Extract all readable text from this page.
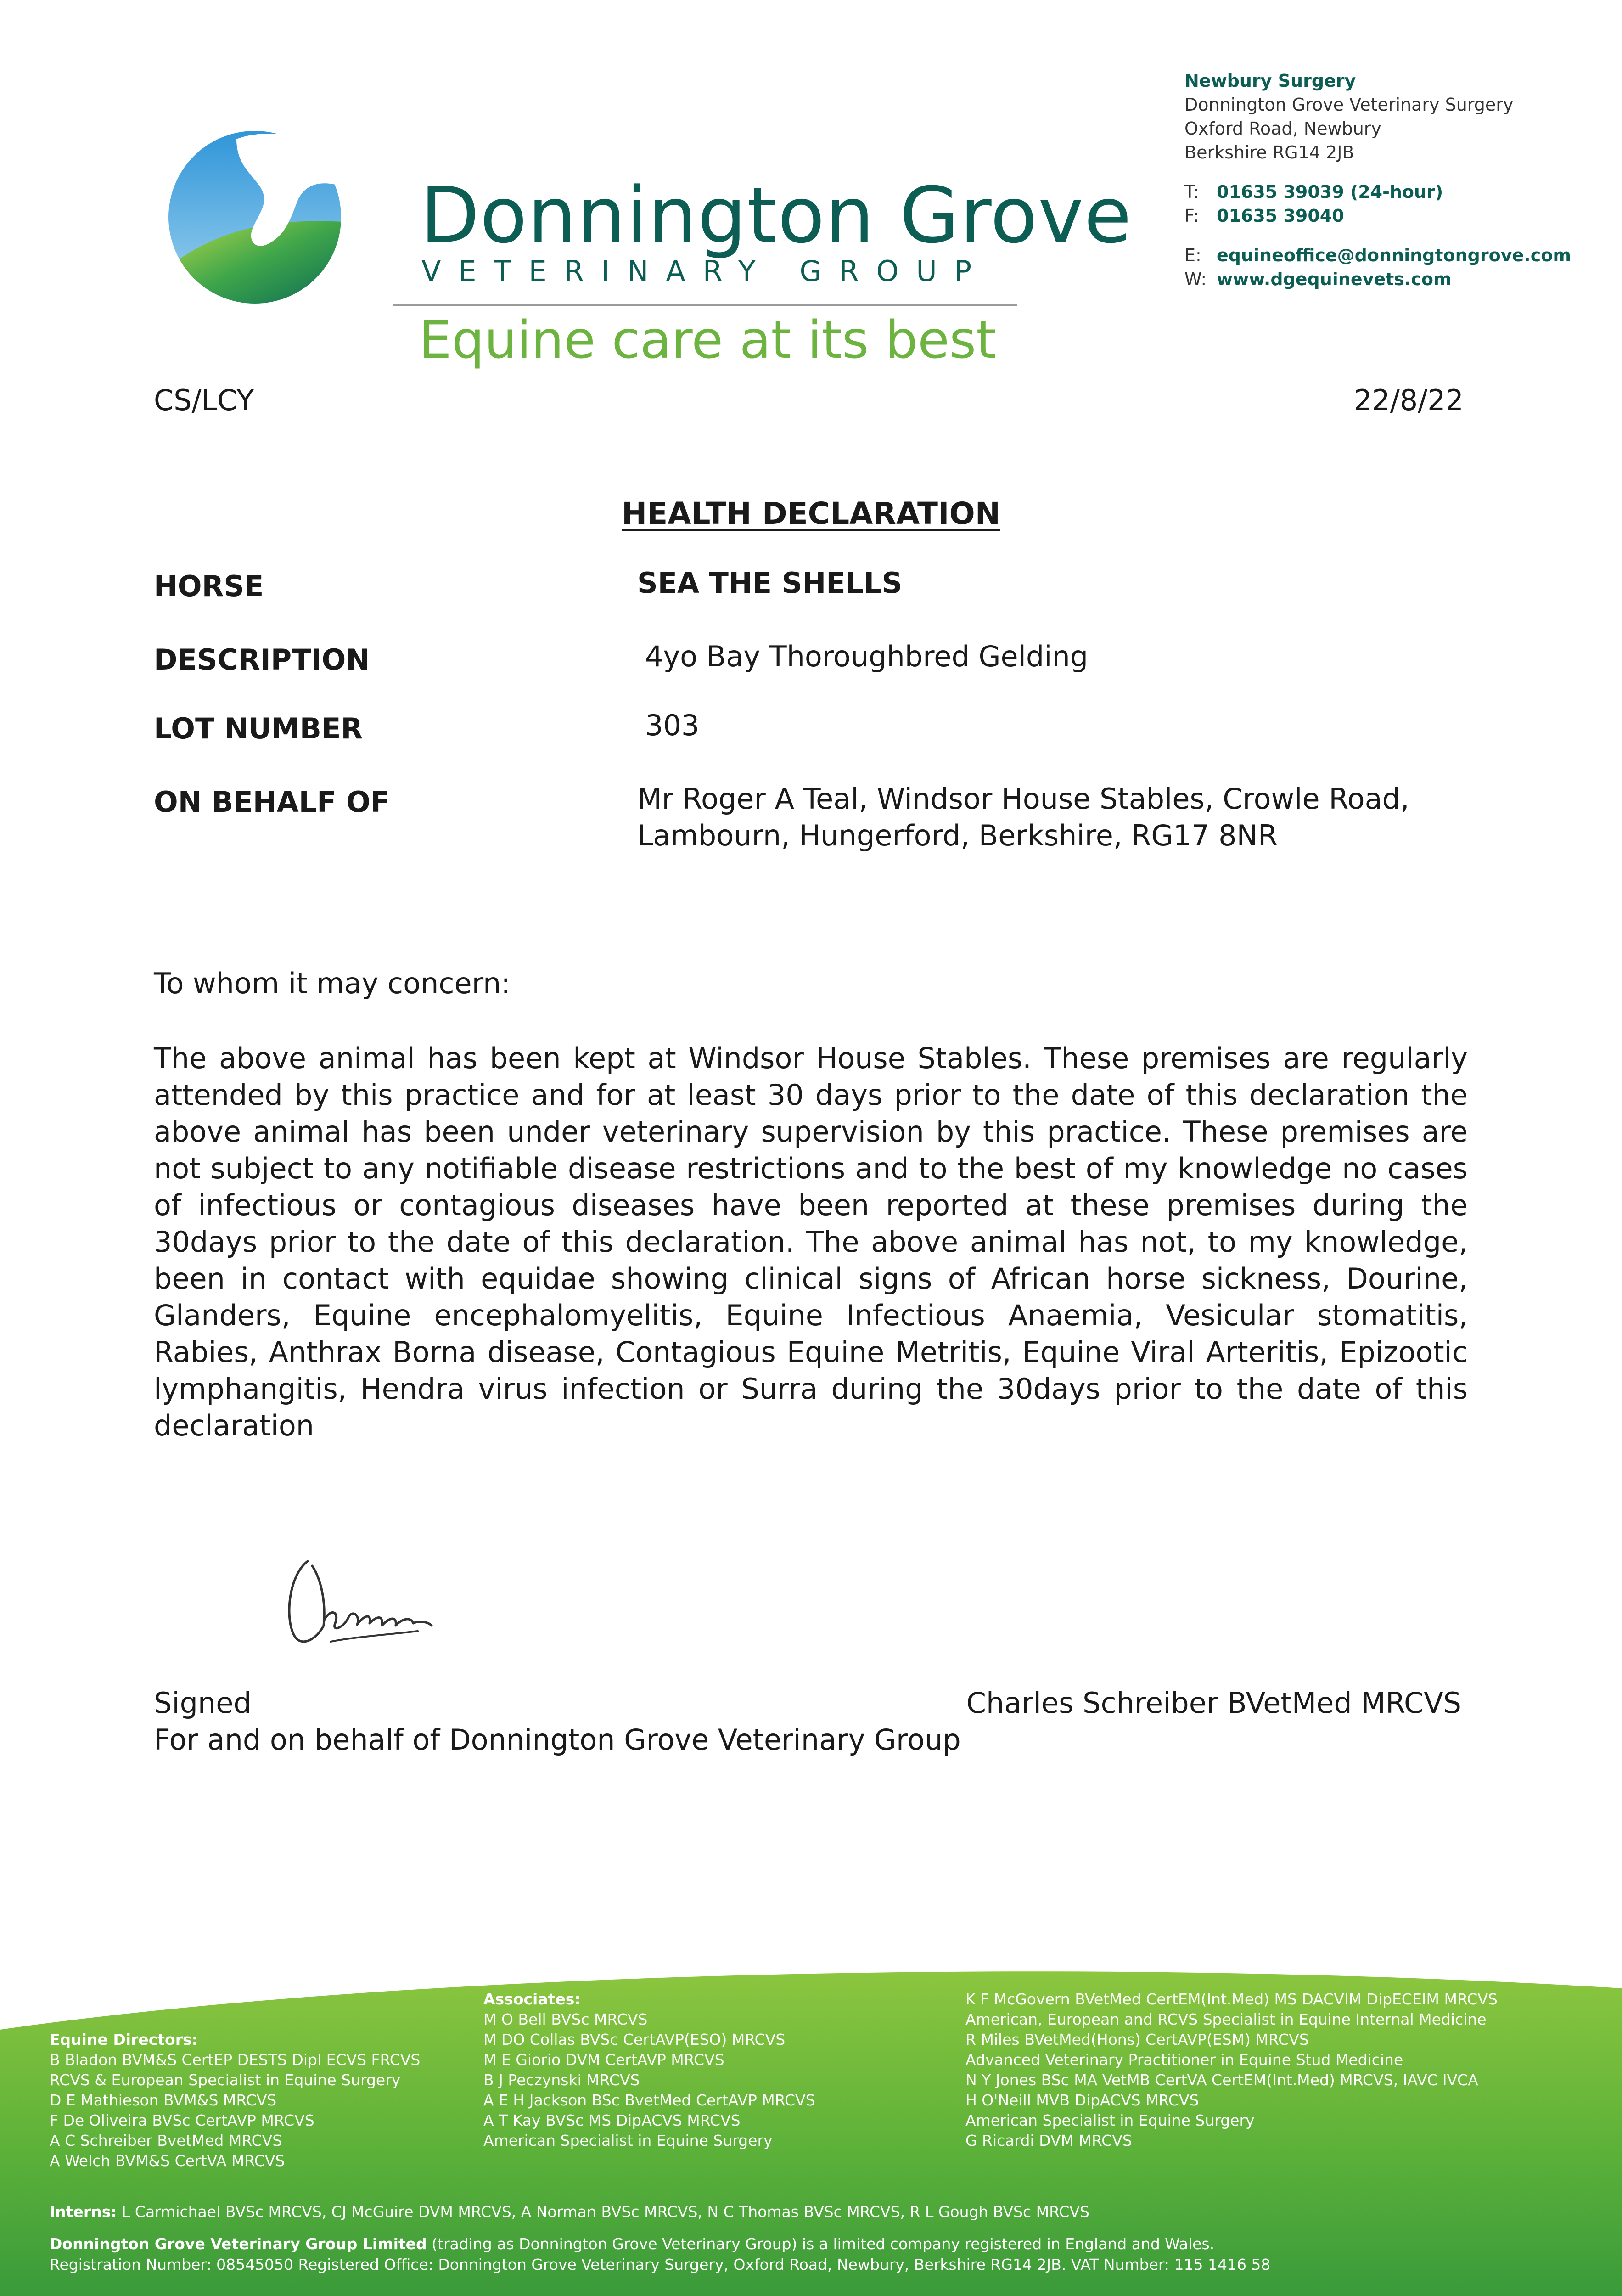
Donnington Grove
VETERINARY GROUP
Equine care at its best
Newbury Surgery
Donnington Grove Veterinary Surgery
Oxford Road, Newbury
Berkshire RG14 2JB
T: 01635 39039 (24-hour)
F: 01635 39040
E: equineoffice@donningtongrove.com
W: www.dgequinevets.com
CS/LCY	22/8/22
HEALTH DECLARATION
HORSE	SEA THE SHELLS
DESCRIPTION	4yo Bay Thoroughbred Gelding
LOT NUMBER	303
ON BEHALF OF	Mr Roger A Teal, Windsor House Stables, Crowle Road, Lambourn, Hungerford, Berkshire, RG17 8NR
To whom it may concern:
The above animal has been kept at Windsor House Stables. These premises are regularly attended by this practice and for at least 30 days prior to the date of this declaration the above animal has been under veterinary supervision by this practice. These premises are not subject to any notifiable disease restrictions and to the best of my knowledge no cases of infectious or contagious diseases have been reported at these premises during the 30days prior to the date of this declaration. The above animal has not, to my knowledge, been in contact with equidae showing clinical signs of African horse sickness, Dourine, Glanders, Equine encephalomyelitis, Equine Infectious Anaemia, Vesicular stomatitis, Rabies, Anthrax Borna disease, Contagious Equine Metritis, Equine Viral Arteritis, Epizootic lymphangitis, Hendra virus infection or Surra during the 30days prior to the date of this declaration
Signed	Charles Schreiber BVetMed MRCVS
For and on behalf of Donnington Grove Veterinary Group
Equine Directors:
B Bladon BVM&S CertEP DESTS Dipl ECVS FRCVS
RCVS & European Specialist in Equine Surgery
D E Mathieson BVM&S MRCVS
F De Oliveira BVSc CertAVP MRCVS
A C Schreiber BvetMed MRCVS
A Welch BVM&S CertVA MRCVS
Associates:
M O Bell BVSc MRCVS
M DO Collas BVSc CertAVP(ESO) MRCVS
M E Giorio DVM CertAVP MRCVS
B J Peczynski MRCVS
A E H Jackson BSc BvetMed CertAVP MRCVS
A T Kay BVSc MS DipACVS MRCVS
American Specialist in Equine Surgery
K F McGovern BVetMed CertEM(Int.Med) MS DACVIM DipECEIM MRCVS
American, European and RCVS Specialist in Equine Internal Medicine
R Miles BVetMed(Hons) CertAVP(ESM) MRCVS
Advanced Veterinary Practitioner in Equine Stud Medicine
N Y Jones BSc MA VetMB CertVA CertEM(Int.Med) MRCVS, IAVC IVCA
H O'Neill MVB DipACVS MRCVS
American Specialist in Equine Surgery
G Ricardi DVM MRCVS
Interns: L Carmichael BVSc MRCVS, CJ McGuire DVM MRCVS, A Norman BVSc MRCVS, N C Thomas BVSc MRCVS, R L Gough BVSc MRCVS
Donnington Grove Veterinary Group Limited (trading as Donnington Grove Veterinary Group) is a limited company registered in England and Wales.
Registration Number: 08545050 Registered Office: Donnington Grove Veterinary Surgery, Oxford Road, Newbury, Berkshire RG14 2JB. VAT Number: 115 1416 58
